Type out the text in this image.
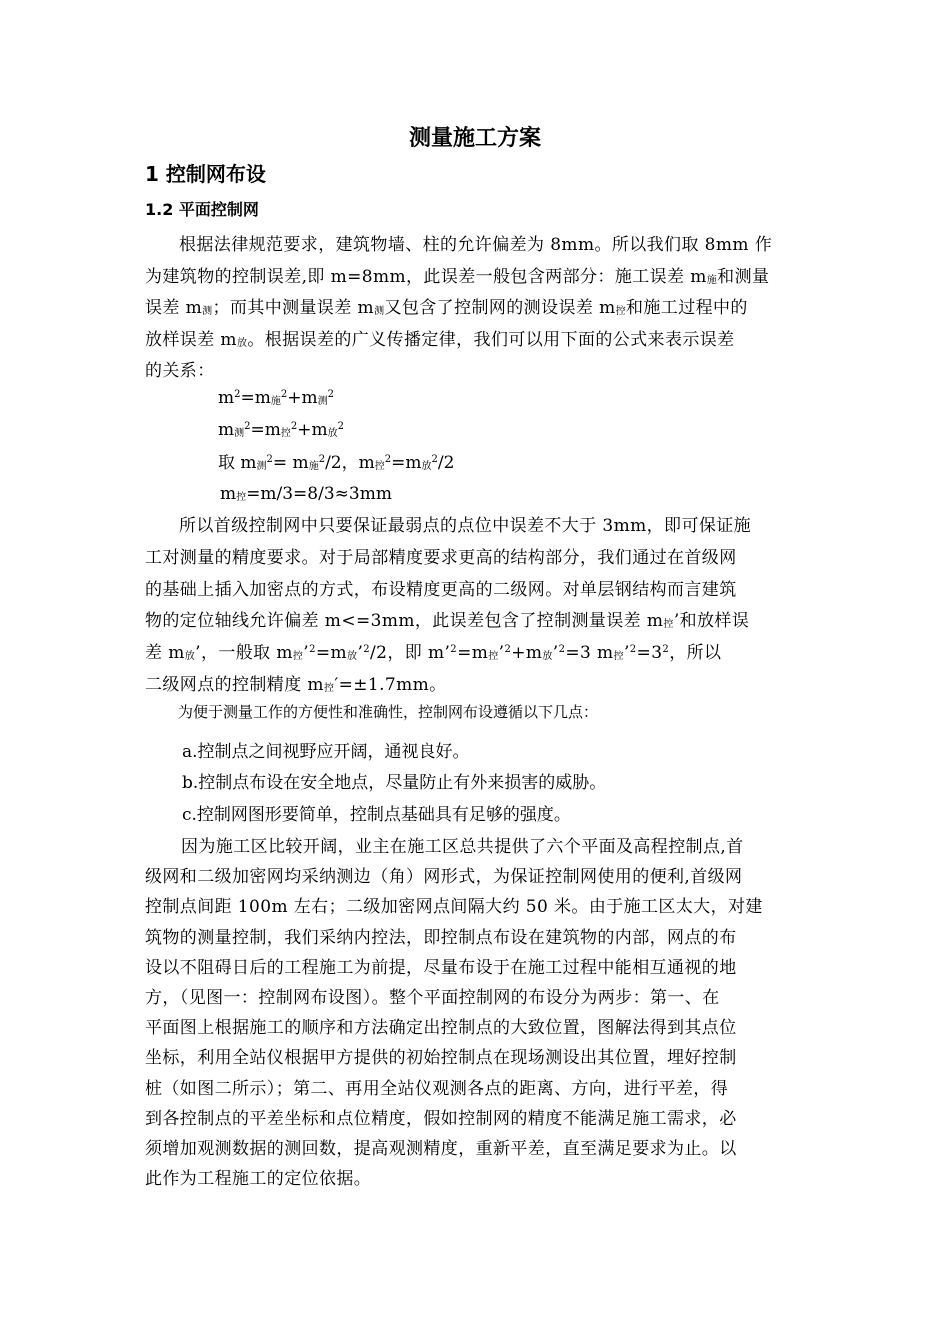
测量施工方案
1 控制网布设
1.2 平面控制网

根据法律规范要求，建筑物墙、柱的允许偏差为 8mm。所以我们取 8mm 作
为建筑物的控制误差,即 m=8mm，此误差一般包含两部分：施工误差 m施和测量
误差 m测；而其中测量误差 m测又包含了控制网的测设误差 m控和施工过程中的
放样误差 m放。根据误差的广义传播定律，我们可以用下面的公式来表示误差
的关系：

$m^2=m$施$^2$+m测$^2$
m测$^2$=m控$^2$+m放$^2$
取 m测$^2$= m施$^2$/2，m控$^2$=m放$^2$/2
m控=m/3=8/3≈3mm

所以首级控制网中只要保证最弱点的点位中误差不大于 3mm，即可保证施
工对测量的精度要求。对于局部精度要求更高的结构部分，我们通过在首级网
的基础上插入加密点的方式，布设精度更高的二级网。对单层钢结构而言建筑
物的定位轴线允许偏差 m<=3mm，此误差包含了控制测量误差 m控’和放样误
差 m放’，一般取 m控’$^2$=m放’$^2$/2，即 m’$^2$=m控’$^2$+m放’$^2$=3 m控$’^2=3^2$，所以
二级网点的控制精度 m控′=±1.7mm。

为便于测量工作的方便性和准确性，控制网布设遵循以下几点：
a.控制点之间视野应开阔，通视良好。
b.控制点布设在安全地点，尽量防止有外来损害的威胁。
c.控制网图形要简单，控制点基础具有足够的强度。

因为施工区比较开阔，业主在施工区总共提供了六个平面及高程控制点,首
级网和二级加密网均采纳测边（角）网形式，为保证控制网使用的便利,首级网
控制点间距 100m 左右；二级加密网点间隔大约 50 米。由于施工区太大，对建
筑物的测量控制，我们采纳内控法，即控制点布设在建筑物的内部，网点的布
设以不阻碍日后的工程施工为前提，尽量布设于在施工过程中能相互通视的地
方，（见图一：控制网布设图）。整个平面控制网的布设分为两步：第一、在
平面图上根据施工的顺序和方法确定出控制点的大致位置，图解法得到其点位
坐标，利用全站仪根据甲方提供的初始控制点在现场测设出其位置，埋好控制
桩（如图二所示）；第二、再用全站仪观测各点的距离、方向，进行平差，得
到各控制点的平差坐标和点位精度，假如控制网的精度不能满足施工需求，必
须增加观测数据的测回数，提高观测精度，重新平差，直至满足要求为止。以
此作为工程施工的定位依据。
